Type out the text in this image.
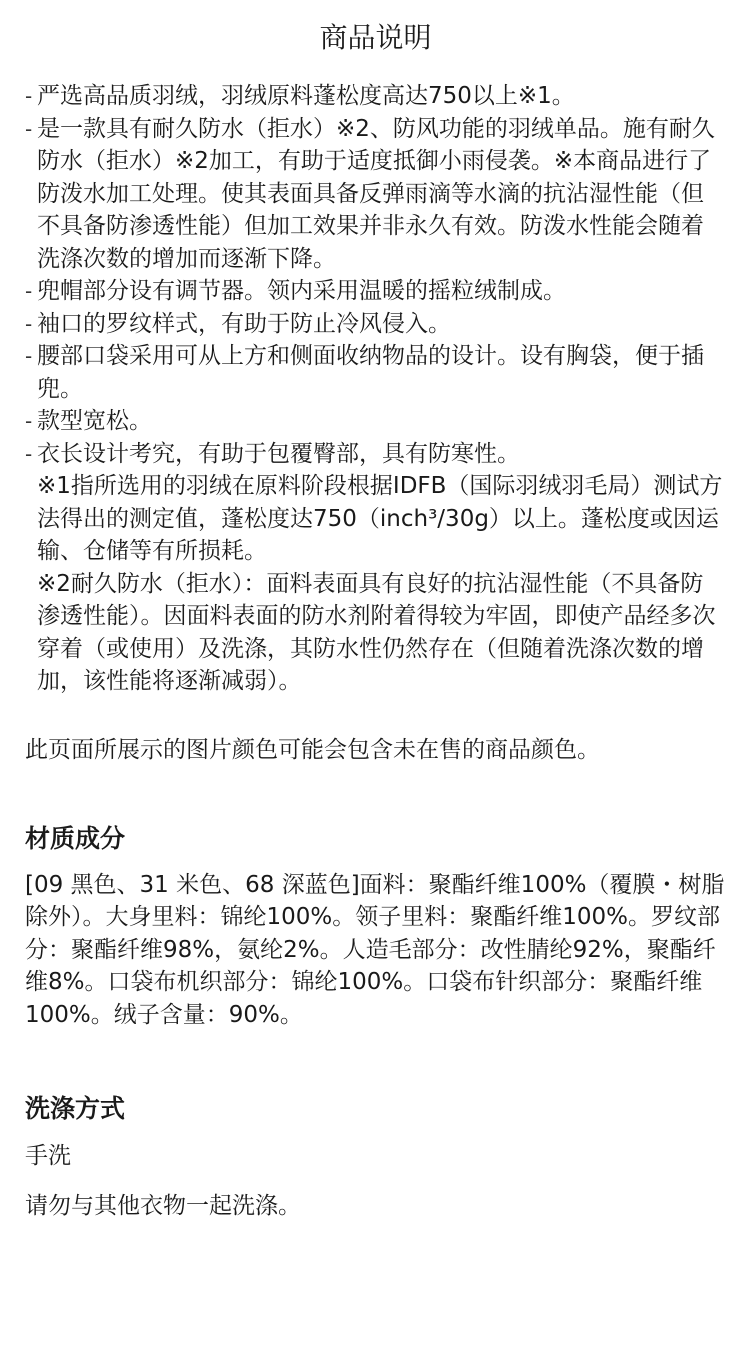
商品说明
- 严选高品质羽绒，羽绒原料蓬松度高达750以上※1。
- 是一款具有耐久防水（拒水）※2、防风功能的羽绒单品。施有耐久防水（拒水）※2加工，有助于适度抵御小雨侵袭。※本商品进行了防泼水加工处理。使其表面具备反弹雨滴等水滴的抗沾湿性能（但不具备防渗透性能）但加工效果并非永久有效。防泼水性能会随着洗涤次数的增加而逐渐下降。
- 兜帽部分设有调节器。领内采用温暖的摇粒绒制成。
- 袖口的罗纹样式，有助于防止冷风侵入。
- 腰部口袋采用可从上方和侧面收纳物品的设计。设有胸袋，便于插兜。
- 款型宽松。
- 衣长设计考究，有助于包覆臀部，具有防寒性。

※1指所选用的羽绒在原料阶段根据IDFB（国际羽绒羽毛局）测试方法得出的测定值，蓬松度达750（inch³/30g）以上。蓬松度或因运输、仓储等有所损耗。

※2耐久防水（拒水）：面料表面具有良好的抗沾湿性能（不具备防渗透性能）。因面料表面的防水剂附着得较为牢固，即使产品经多次穿着（或使用）及洗涤，其防水性仍然存在（但随着洗涤次数的增加，该性能将逐渐减弱）。

此页面所展示的图片颜色可能会包含未在售的商品颜色。

材质成分

[09 黑色、31 米色、68 深蓝色]面料：聚酯纤维100%（覆膜・树脂除外）。大身里料：锦纶100%。领子里料：聚酯纤维100%。罗纹部分：聚酯纤维98%，氨纶2%。人造毛部分：改性腈纶92%，聚酯纤维8%。口袋布机织部分：锦纶100%。口袋布针织部分：聚酯纤维100%。绒子含量：90%。

洗涤方式

手洗

请勿与其他衣物一起洗涤。
